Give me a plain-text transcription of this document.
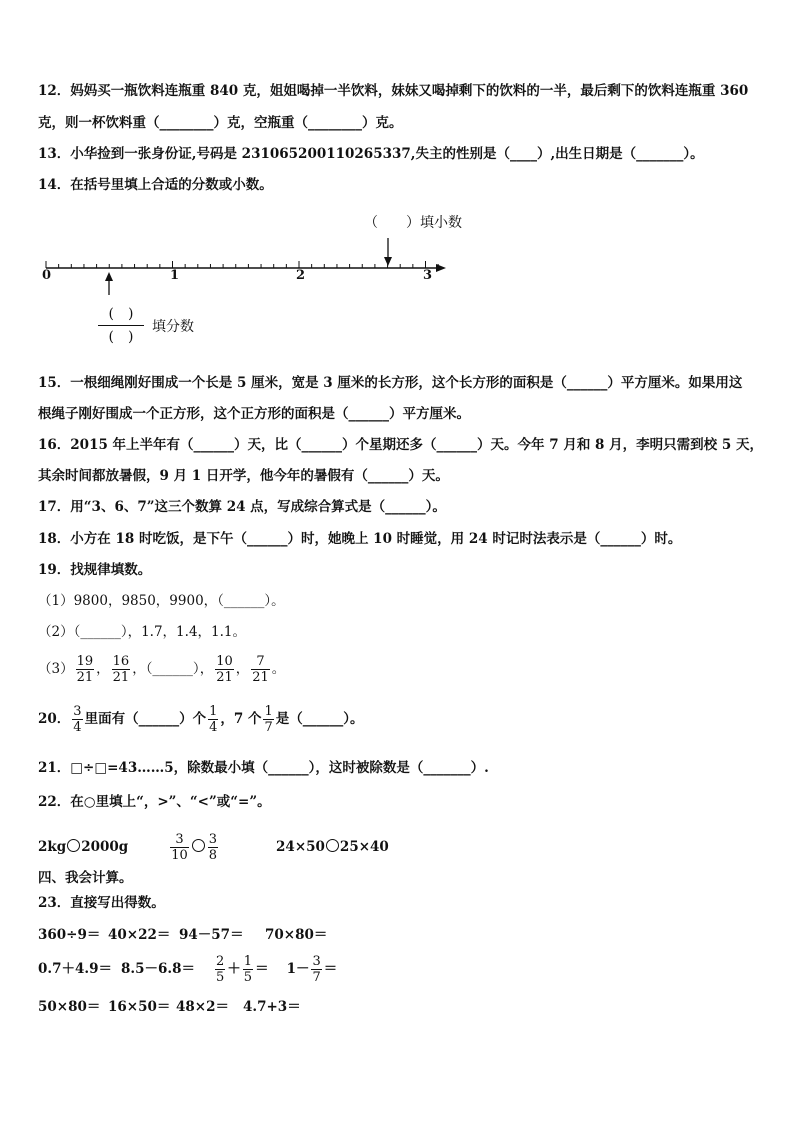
12．妈妈买一瓶饮料连瓶重 840 克，姐姐喝掉一半饮料，妹妹又喝掉剩下的饮料的一半，最后剩下的饮料连瓶重 360
克，则一杯饮料重（________）克，空瓶重（________）克。
13．小华捡到一张身份证,号码是 231065200110265337,失主的性别是（____）,出生日期是（_______）。
14．在括号里填上合适的分数或小数。
（　　）填小数
0	1	2	3
(　)
(　)
填分数
15．一根细绳刚好围成一个长是 5 厘米，宽是 3 厘米的长方形，这个长方形的面积是（______）平方厘米。如果用这
根绳子刚好围成一个正方形，这个正方形的面积是（______）平方厘米。
16．2015 年上半年有（______）天，比（______）个星期还多（______）天。今年 7 月和 8 月，李明只需到校 5 天，
其余时间都放暑假，9 月 1 日开学，他今年的暑假有（______）天。
17．用“3、6、7”这三个数算 24 点，写成综合算式是（______）。
18．小方在 18 时吃饭，是下午（______）时，她晚上 10 时睡觉，用 24 时记时法表示是（______）时。
19．找规律填数。
（1）9800，9850，9900，（______）。
（2）（______），1.7，1.4，1.1。
$(3) \frac{19}{21}$ ， $\frac{16}{21}$ ，（______）， $\frac{10}{21}$ ， $\frac{7}{21}$ 。
20． $\frac{3}{4}$ 里面有（______）个 $\frac{1}{4}$ ，7 个 $\frac{1}{7}$ 是（______）。
21．□÷□=43……5，除数最小填（______），这时被除数是（_______）.
22．在○里填上“，>”、“<”或“=”。
2kg 2000g	$\frac{3}{10} \frac{3}{8}$	24×50 25×40
四、我会计算。
23．直接写出得数。
360÷9＝ 40×22＝ 94－57＝ 70×80＝
$0.7+4.9= 8.5-6.8= \frac{2}{5} + \frac{1}{5} = 1- \frac{3}{7}$ ＝
50×80＝ 16×50＝ 48×2＝ 4.7+3＝
